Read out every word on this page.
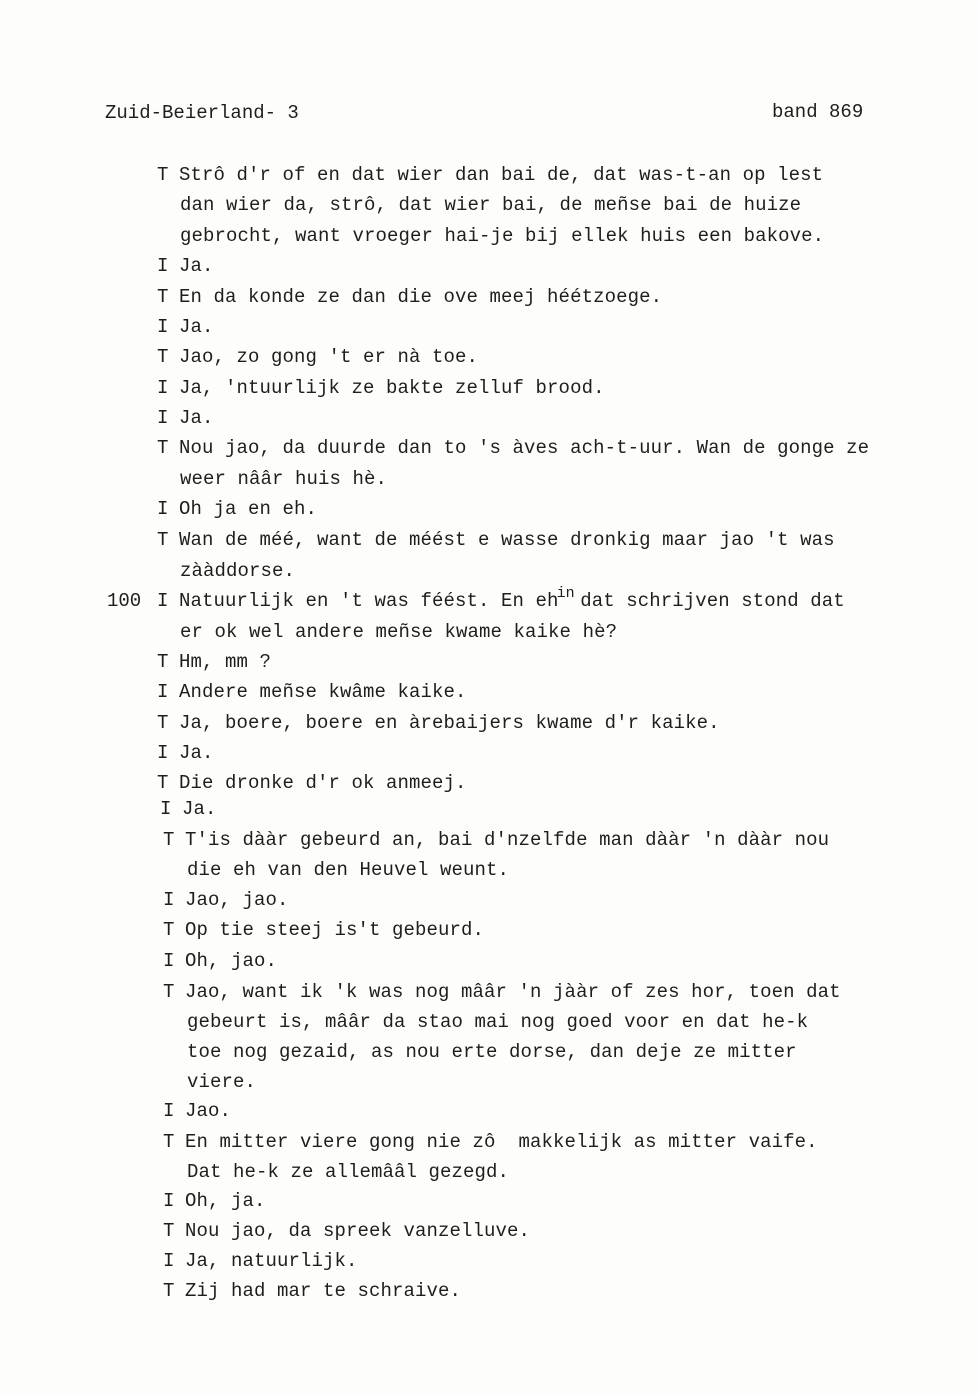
Zuid-Beierland- 3	band 869
T Strô d'r of en dat wier dan bai de, dat was-t-an op lest
dan wier da, strô, dat wier bai, de meñse bai de huize
gebrocht, want vroeger hai-je bij ellek huis een bakove.
I Ja.
T En da konde ze dan die ove meej héétzoege.
I Ja.
T Jao, zo gong 't er nà toe.
I Ja, 'ntuurlijk ze bakte zelluf brood.
I Ja.
T Nou jao, da duurde dan to 's àves ach-t-uur. Wan de gonge ze
weer nââr huis hè.
I Oh ja en eh.
T Wan de méé, want de méést e wasse dronkig maar jao 't was
zààddorse.
I Natuurlijk en 't was féést. En $eh^{in}$ dat schrijven stond dat
100
er ok wel andere meñse kwame kaike hè?
T Hm, mm ?
I Andere meñse kwâme kaike.
T Ja, boere, boere en àrebaijers kwame d'r kaike.
I Ja.
T Die dronke d'r ok anmeej.
I Ja.
T T'is dààr gebeurd an, bai d'nzelfde man dààr 'n dààr nou
die eh van den Heuvel weunt.
I Jao, jao.
T Op tie steej is't gebeurd.
I Oh, jao.
T Jao, want ik 'k was nog mââr 'n jààr of zes hor, toen dat
gebeurt is, mââr da stao mai nog goed voor en dat he-k
toe nog gezaid, as nou erte dorse, dan deje ze mitter
viere.
I Jao.
T En mitter viere gong nie zô  makkelijk as mitter vaife.
Dat he-k ze allemââl gezegd.
I Oh, ja.
T Nou jao, da spreek vanzelluve.
I Ja, natuurlijk.
T Zij had mar te schraive.
